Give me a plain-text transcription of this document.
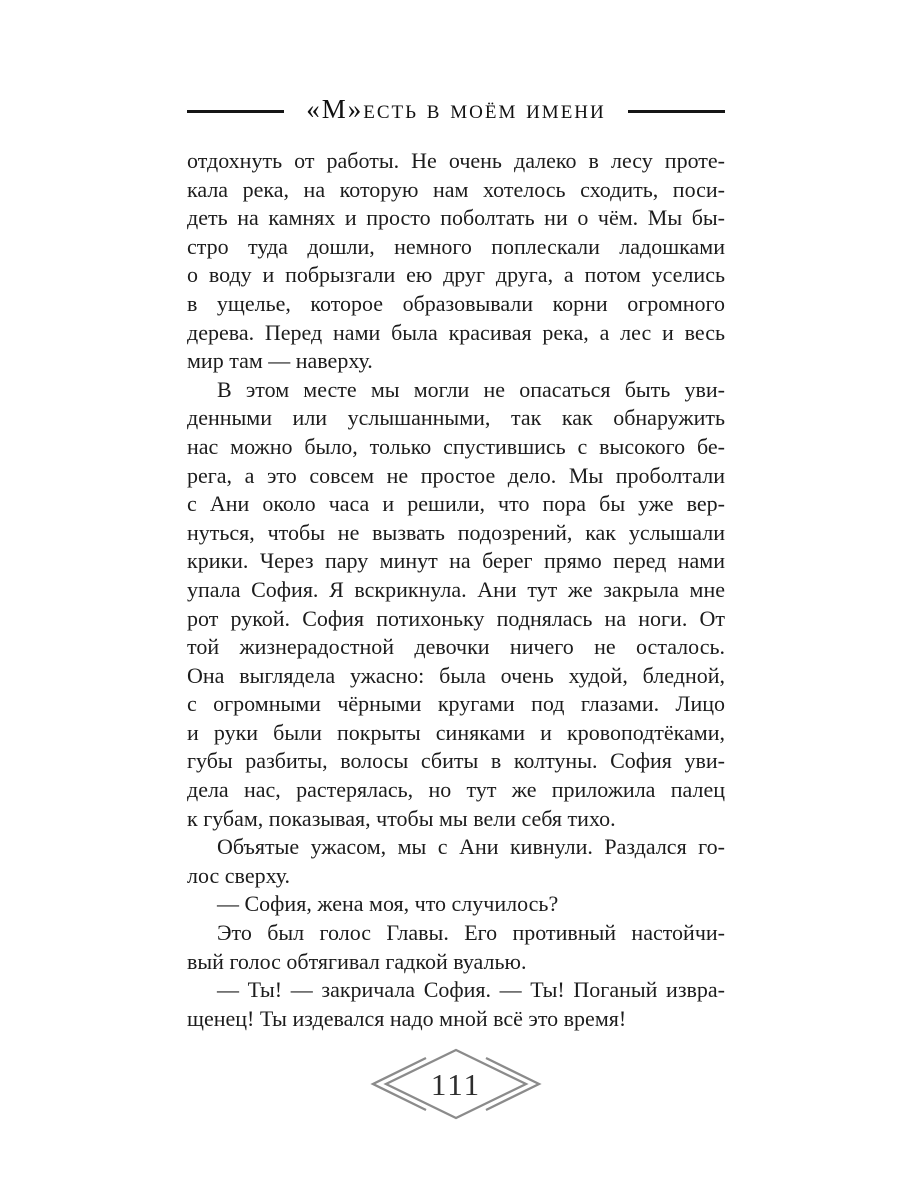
«М»есть в моём имени
отдохнуть от работы. Не очень далеко в лесу проте-
кала река, на которую нам хотелось сходить, поси-
деть на камнях и просто поболтать ни о чём. Мы бы-
стро туда дошли, немного поплескали ладошками
о воду и побрызгали ею друг друга, а потом уселись
в ущелье, которое образовывали корни огромного
дерева. Перед нами была красивая река, а лес и весь
мир там — наверху.
В этом месте мы могли не опасаться быть уви-
денными или услышанными, так как обнаружить
нас можно было, только спустившись с высокого бе-
рега, а это совсем не простое дело. Мы проболтали
с Ани около часа и решили, что пора бы уже вер-
нуться, чтобы не вызвать подозрений, как услышали
крики. Через пару минут на берег прямо перед нами
упала София. Я вскрикнула. Ани тут же закрыла мне
рот рукой. София потихоньку поднялась на ноги. От
той жизнерадостной девочки ничего не осталось.
Она выглядела ужасно: была очень худой, бледной,
с огромными чёрными кругами под глазами. Лицо
и руки были покрыты синяками и кровоподтёками,
губы разбиты, волосы сбиты в колтуны. София уви-
дела нас, растерялась, но тут же приложила палец
к губам, показывая, чтобы мы вели себя тихо.
Объятые ужасом, мы с Ани кивнули. Раздался го-
лос сверху.
— София, жена моя, что случилось?
Это был голос Главы. Его противный настойчи-
вый голос обтягивал гадкой вуалью.
— Ты! — закричала София. — Ты! Поганый извра-
щенец! Ты издевался надо мной всё это время!
111
